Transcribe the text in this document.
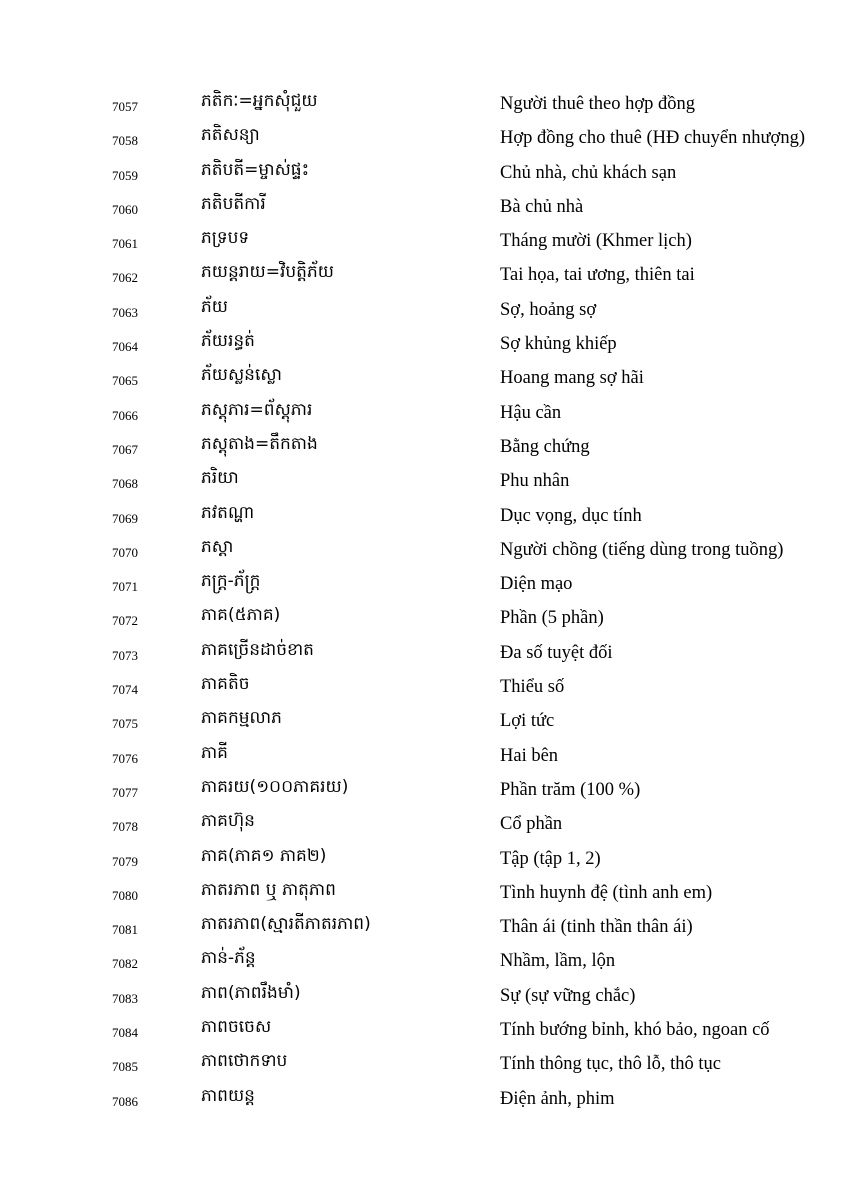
7057	ភតិកៈ=អ្នកសុំជួយ	Người thuê theo hợp đồng
7058	ភតិសន្យា	Hợp đồng cho thuê (HĐ chuyển nhượng)
7059	ភតិបតី=ម្ចាស់ផ្ទះ	Chủ nhà, chủ khách sạn
7060	ភតិបតីការី	Bà chủ nhà
7061	ភទ្របទ	Tháng mười (Khmer lịch)
7062	ភយន្តរាយ=វិបត្តិភ័យ	Tai họa, tai ương, thiên tai
7063	ភ័យ	Sợ, hoảng sợ
7064	ភ័យរន្ធត់	Sợ khủng khiếp
7065	ភ័យស្លន់ស្លោ	Hoang mang sợ hãi
7066	ភស្តុភារ=ព័ស្តុភារ	Hậu cần
7067	ភស្តុតាង=តឹកតាង	Bằng chứng
7068	ភរិយា	Phu nhân
7069	ភវតណ្ហា	Dục vọng, dục tính
7070	ភស្តា	Người chồng (tiếng dùng trong tuồng)
7071	ភក្ត្រ-ភ័ក្ត្រ	Diện mạo
7072	ភាគ(៥ភាគ)	Phần (5 phần)
7073	ភាគច្រើនដាច់ខាត	Đa số tuyệt đối
7074	ភាគតិច	Thiểu số
7075	ភាគកម្មលាភ	Lợi tức
7076	ភាគី	Hai bên
7077	ភាគរយ(១០០ភាគរយ)	Phần trăm (100 %)
7078	ភាគហ៊ុន	Cổ phần
7079	ភាគ(ភាគ១ ភាគ២)	Tập (tập 1, 2)
7080	ភាតរភាព ឬ ភាតុភាព	Tình huynh đệ (tình anh em)
7081	ភាតរភាព(ស្មារតីភាតរភាព)	Thân ái (tinh thần thân ái)
7082	ភាន់-ភ័ន្ត	Nhầm, lầm, lộn
7083	ភាព(ភាពរឹងមាំ)	Sự (sự vững chắc)
7084	ភាពចចេស	Tính bướng bỉnh, khó bảo, ngoan cố
7085	ភាពថោកទាប	Tính thông tục, thô lỗ, thô tục
7086	ភាពយន្ត	Điện ảnh, phim
